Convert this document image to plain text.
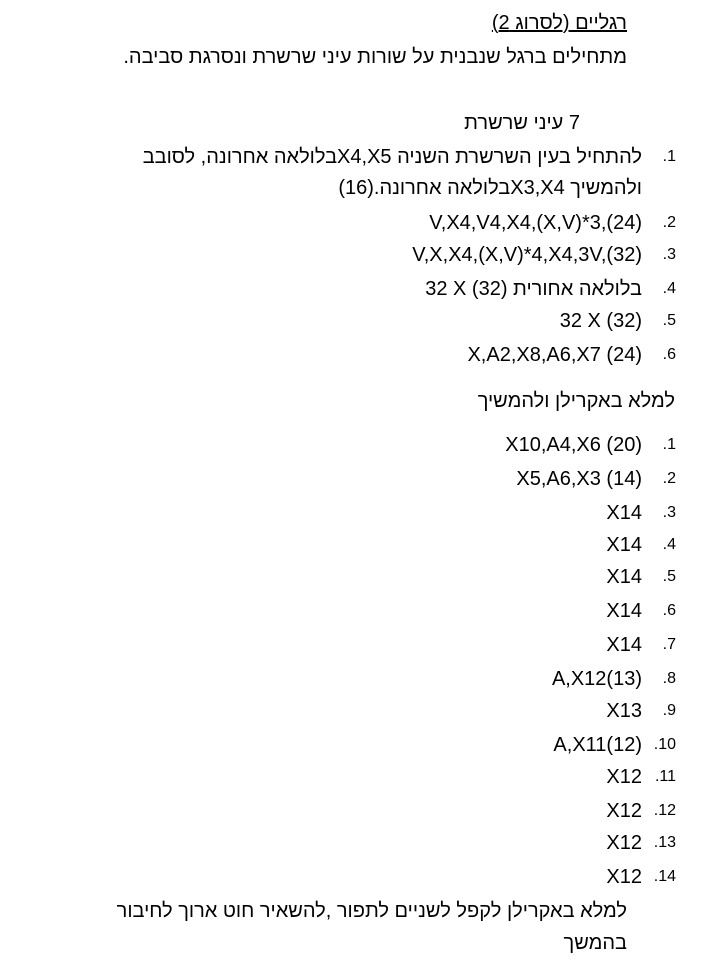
רגליים (לסרוג 2)
מתחילים ברגל שנבנית על שורות עיני שרשרת ונסרגת סביבה.
7 עיני שרשרת
.1
להתחיל בעין השרשרת השניה X4,X5בלולאה אחרונה, לסובב
ולהמשיך X3,X4בלולאה אחרונה.(16)
.2
V,X4,V4,X4,(X,V)*3,(24)
.3
V,X,X4,(X,V)*4,X4,3V,(32)
.4
32 X בלולאה אחורית (32)
.5
32 X (32)
.6
X,A2,X8,A6,X7 (24)
למלא באקרילן ולהמשיך
.1
X10,A4,X6 (20)
.2
X5,A6,X3 (14)
.3
X14
.4
X14
.5
X14
.6
X14
.7
X14
.8
A,X12(13)
.9
X13
.10
A,X11(12)
.11
X12
.12
X12
.13
X12
.14
X12
למלא באקרילן לקפל לשניים לתפור ,להשאיר חוט ארוך לחיבור
בהמשך
